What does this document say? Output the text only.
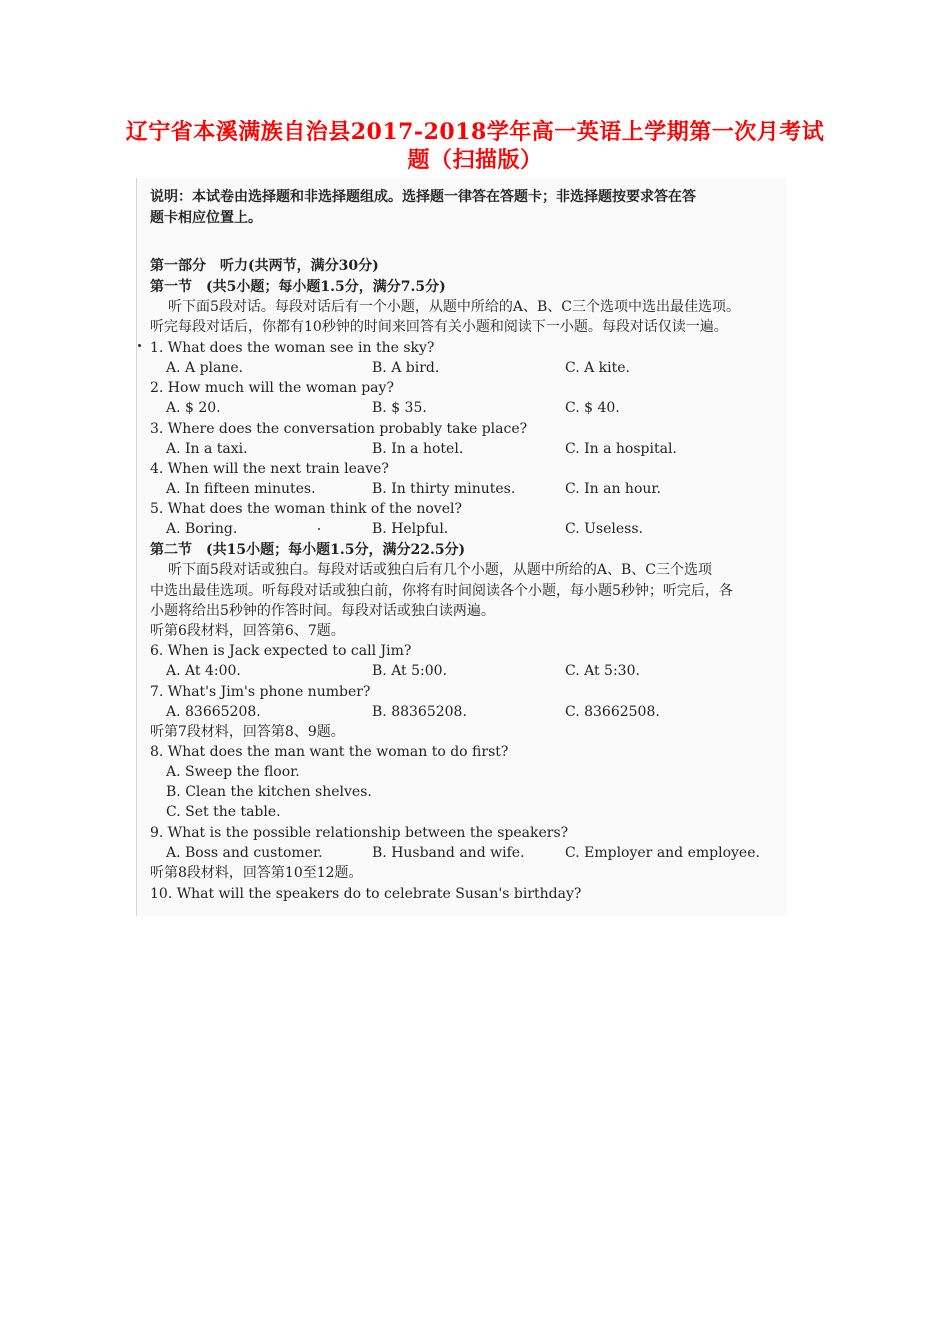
辽宁省本溪满族自治县2017-2018学年高一英语上学期第一次月考试
题（扫描版）
说明：本试卷由选择题和非选择题组成。选择题一律答在答题卡；非选择题按要求答在答
题卡相应位置上。
第一部分　听力(共两节，满分30分)
第一节　(共5小题；每小题1.5分，满分7.5分)
听下面5段对话。每段对话后有一个小题，从题中所给的A、B、C三个选项中选出最佳选项。
听完每段对话后，你都有10秒钟的时间来回答有关小题和阅读下一小题。每段对话仅读一遍。
1. What does the woman see in the sky?
A. A plane.	B. A bird.	C. A kite.
2. How much will the woman pay?
A. $ 20.	B. $ 35.	C. $ 40.
3. Where does the conversation probably take place?
A. In a taxi.	B. In a hotel.	C. In a hospital.
4. When will the next train leave?
A. In fifteen minutes.	B. In thirty minutes.	C. In an hour.
5. What does the woman think of the novel?
A. Boring.	B. Helpful.	C. Useless.
第二节　(共15小题；每小题1.5分，满分22.5分)
听下面5段对话或独白。每段对话或独白后有几个小题，从题中所给的A、B、C三个选项
中选出最佳选项。听每段对话或独白前，你将有时间阅读各个小题，每小题5秒钟；听完后，各
小题将给出5秒钟的作答时间。每段对话或独白读两遍。
听第6段材料，回答第6、7题。
6. When is Jack expected to call Jim?
A. At 4:00.	B. At 5:00.	C. At 5:30.
7. What's Jim's phone number?
A. 83665208.	B. 88365208.	C. 83662508.
听第7段材料，回答第8、9题。
8. What does the man want the woman to do first?
A. Sweep the floor.
B. Clean the kitchen shelves.
C. Set the table.
9. What is the possible relationship between the speakers?
A. Boss and customer.	B. Husband and wife.	C. Employer and employee.
听第8段材料，回答第10至12题。
10. What will the speakers do to celebrate Susan's birthday?
